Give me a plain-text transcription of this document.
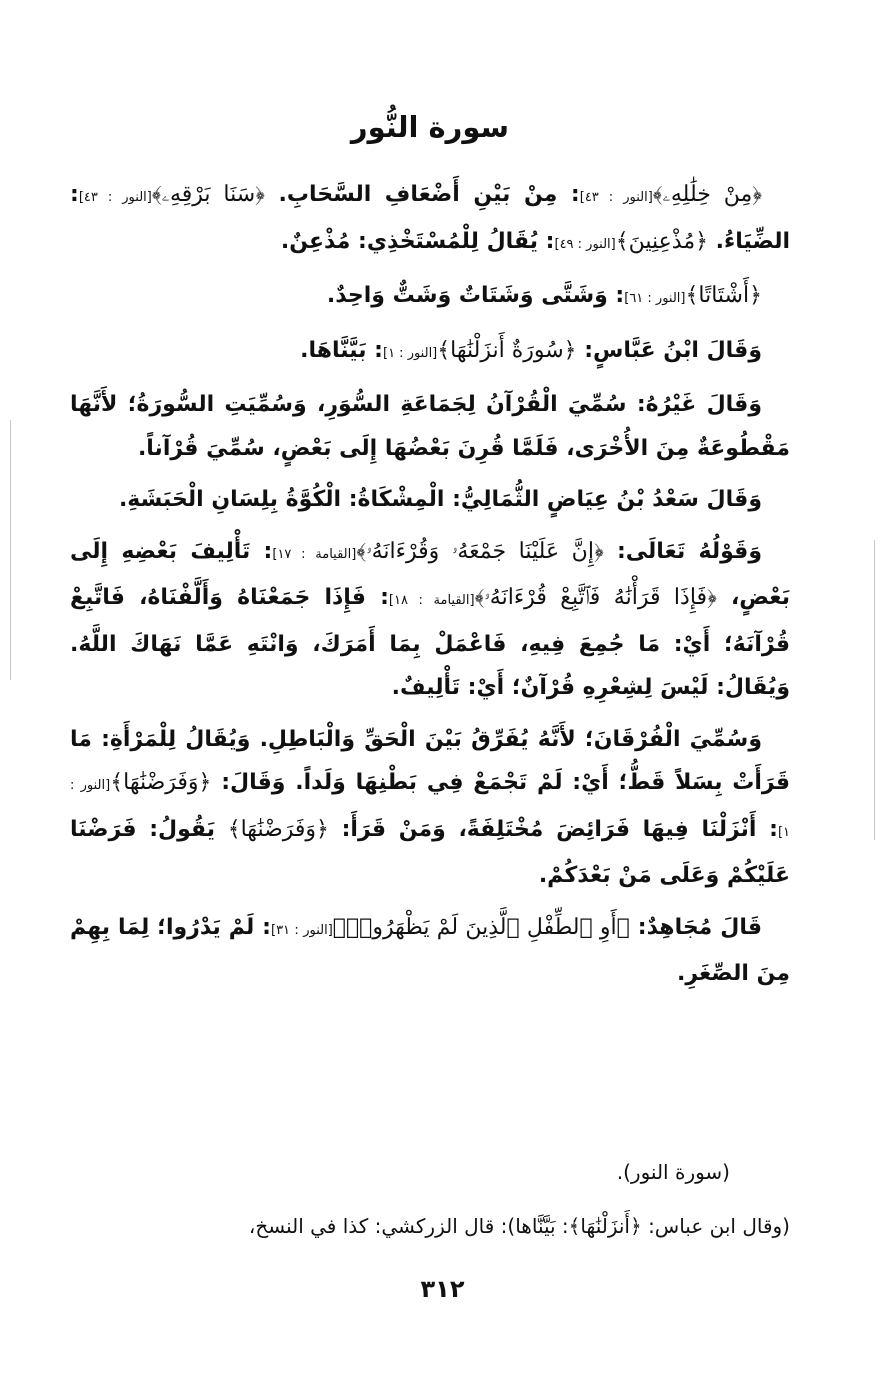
سورة النُّور
﴿مِنْ خِلَٰلِهِۦ﴾[النور : ٤٣]: مِنْ بَيْنِ أَضْعَافِ السَّحَابِ. ﴿سَنَا بَرْقِهِۦ﴾[النور : ٤٣]: الضِّيَاءُ. ﴿مُذْعِنِينَ﴾[النور : ٤٩]: يُقَالُ لِلْمُسْتَخْذِي: مُذْعِنٌ.
﴿أَشْتَاتًا﴾[النور : ٦١]: وَشَتَّى وَشَتَاتٌ وَشَتٌّ وَاحِدٌ.
وَقَالَ ابْنُ عَبَّاسٍ: ﴿سُورَةٌ أَنزَلْنَٰهَا﴾[النور : ١]: بَيَّنَّاهَا.
وَقَالَ غَيْرُهُ: سُمِّيَ الْقُرْآنُ لِجَمَاعَةِ السُّوَرِ، وَسُمِّيَتِ السُّورَةُ؛ لأَنَّهَا مَقْطُوعَةٌ مِنَ الأُخْرَى، فَلَمَّا قُرِنَ بَعْضُهَا إِلَى بَعْضٍ، سُمِّيَ قُرْآناً.
وَقَالَ سَعْدُ بْنُ عِيَاضٍ الثُّمَالِيُّ: الْمِشْكَاةُ: الْكُوَّةُ بِلِسَانِ الْحَبَشَةِ.
وَقَوْلُهُ تَعَالَى: ﴿إِنَّ عَلَيْنَا جَمْعَهُۥ وَقُرْءَانَهُۥ﴾[القيامة : ١٧]: تَأْلِيفَ بَعْضِهِ إِلَى بَعْضٍ، ﴿فَإِذَا قَرَأْنَٰهُ فَٱتَّبِعْ قُرْءَانَهُۥ﴾[القيامة : ١٨]: فَإِذَا جَمَعْنَاهُ وَأَلَّفْنَاهُ، فَاتَّبِعْ قُرْآنَهُ؛ أَيْ: مَا جُمِعَ فِيهِ، فَاعْمَلْ بِمَا أَمَرَكَ، وَانْتَهِ عَمَّا نَهَاكَ اللَّهُ. وَيُقَالُ: لَيْسَ لِشِعْرِهِ قُرْآنٌ؛ أَيْ: تَأْلِيفٌ.
وَسُمِّيَ الْفُرْقَانَ؛ لأَنَّهُ يُفَرِّقُ بَيْنَ الْحَقِّ وَالْبَاطِلِ. وَيُقَالُ لِلْمَرْأَةِ: مَا قَرَأَتْ بِسَلاً قَطُّ؛ أَيْ: لَمْ تَجْمَعْ فِي بَطْنِهَا وَلَداً. وَقَالَ: ﴿وَفَرَضْنَٰهَا﴾[النور : ١]: أَنْزَلْنَا فِيهَا فَرَائِضَ مُخْتَلِفَةً، وَمَنْ قَرَأَ: ﴿وَفَرَضْنَٰهَا﴾ يَقُولُ: فَرَضْنَا عَلَيْكُمْ وَعَلَى مَنْ بَعْدَكُمْ.
قَالَ مُجَاهِدٌ: ﴿أَوِ ٱلطِّفْلِ ٱلَّذِينَ لَمْ يَظْهَرُوا۟﴾[النور : ٣١]: لَمْ يَدْرُوا؛ لِمَا بِهِمْ مِنَ الصِّغَرِ.
(سورة النور).
(وقال ابن عباس: ﴿أَنزَلْنَٰهَا﴾: بَيَّنَّاها): قال الزركشي: كذا في النسخ،
٣١٢
